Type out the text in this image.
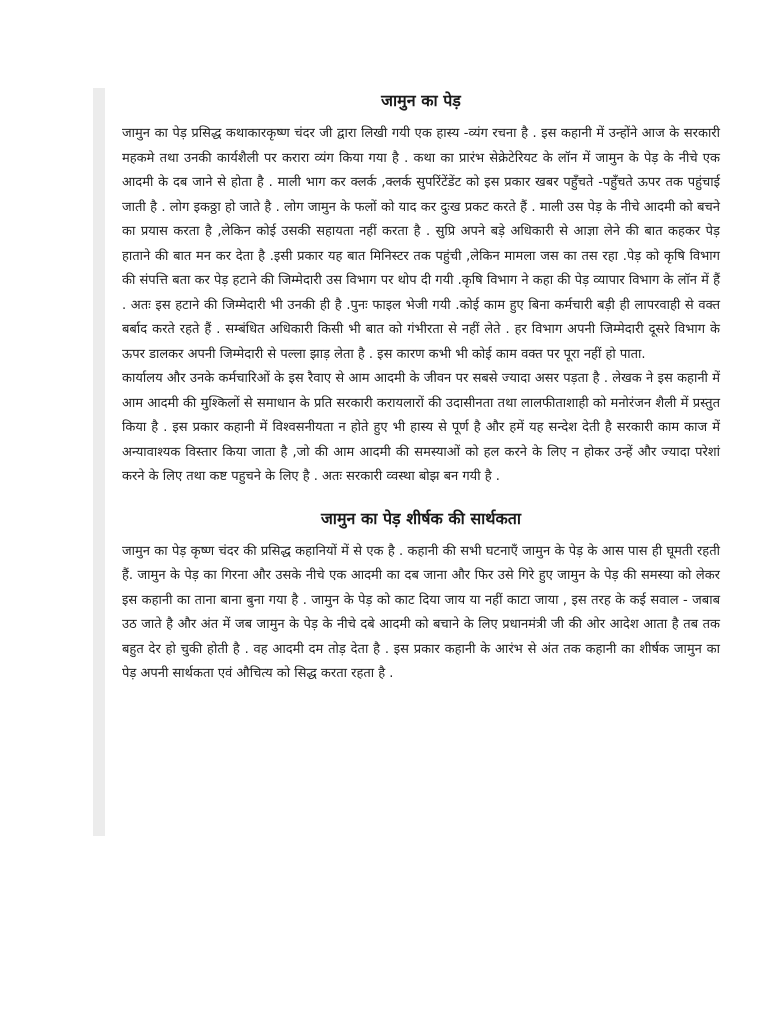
जामुन का पेड़

जामुन का पेड़ प्रसिद्ध कथाकारकृष्ण चंदर जी द्वारा लिखी गयी एक हास्य -व्यंग रचना है . इस कहानी में उन्होंने आज के सरकारी महकमे तथा उनकी कार्यशैली पर करारा व्यंग किया गया है . कथा का प्रारंभ सेक्रेटेरियट के लॉन में जामुन के पेड़ के नीचे एक आदमी के दब जाने से होता है . माली भाग कर क्लर्क ,क्लर्क सुपरिंटेंडेंट को इस प्रकार खबर पहुँचते -पहुँचते ऊपर तक पहुंचाई जाती है . लोग इकठ्ठा हो जाते है . लोग जामुन के फलों को याद कर दुःख प्रकट करते हैं . माली उस पेड़ के नीचे आदमी को बचने का प्रयास करता है ,लेकिन कोई उसकी सहायता नहीं करता है . सुप्रि अपने बड़े अधिकारी से आज्ञा लेने की बात कहकर पेड़ हाताने की बात मन कर देता है .इसी प्रकार यह बात मिनिस्टर तक पहुंची ,लेकिन मामला जस का तस रहा .पेड़ को कृषि विभाग की संपत्ति बता कर पेड़ हटाने की जिम्मेदारी उस विभाग पर थोप दी गयी .कृषि विभाग ने कहा की पेड़ व्यापार विभाग के लॉन में हैं . अतः इस हटाने की जिम्मेदारी भी उनकी ही है .पुनः फाइल भेजी गयी .कोई काम हुए बिना कर्मचारी बड़ी ही लापरवाही से वक्त बर्बाद करते रहते हैं . सम्बंधित अधिकारी किसी भी बात को गंभीरता से नहीं लेते . हर विभाग अपनी जिम्मेदारी दूसरे विभाग के ऊपर डालकर अपनी जिम्मेदारी से पल्ला झाड़ लेता है . इस कारण कभी भी कोई काम वक्त पर पूरा नहीं हो पाता.

कार्यालय और उनके कर्मचारिओं के इस रैवाए से आम आदमी के जीवन पर सबसे ज्यादा असर पड़ता है . लेखक ने इस कहानी में आम आदमी की मुश्किलों से समाधान के प्रति सरकारी करायलारों की उदासीनता तथा लालफीताशाही को मनोरंजन शैली में प्रस्तुत किया है . इस प्रकार कहानी में विश्वसनीयता न होते हुए भी हास्य से पूर्ण है और हमें यह सन्देश देती है सरकारी काम काज में अन्यावाश्यक विस्तार किया जाता है ,जो की आम आदमी की समस्याओं को हल करने के लिए न होकर उन्हें और ज्यादा परेशां करने के लिए तथा कष्ट पहुचने के लिए है . अतः सरकारी व्वस्था बोझ बन गयी है .

जामुन का पेड़ शीर्षक की सार्थकता

जामुन का पेड़ कृष्ण चंदर की प्रसिद्ध कहानियों में से एक है . कहानी की सभी घटनाएँ जामुन के पेड़ के आस पास ही घूमती रहती हैं. जामुन के पेड़ का गिरना और उसके नीचे एक आदमी का दब जाना और फिर उसे गिरे हुए जामुन के पेड़ की समस्या को लेकर इस कहानी का ताना बाना बुना गया है . जामुन के पेड़ को काट दिया जाय या नहीं काटा जाया , इस तरह के कई सवाल - जबाब उठ जाते है और अंत में जब जामुन के पेड़ के नीचे दबे आदमी को बचाने के लिए प्रधानमंत्री जी की ओर आदेश आता है तब तक बहुत देर हो चुकी होती है . वह आदमी दम तोड़ देता है . इस प्रकार कहानी के आरंभ से अंत तक कहानी का शीर्षक जामुन का पेड़ अपनी सार्थकता एवं औचित्य को सिद्ध करता रहता है .
